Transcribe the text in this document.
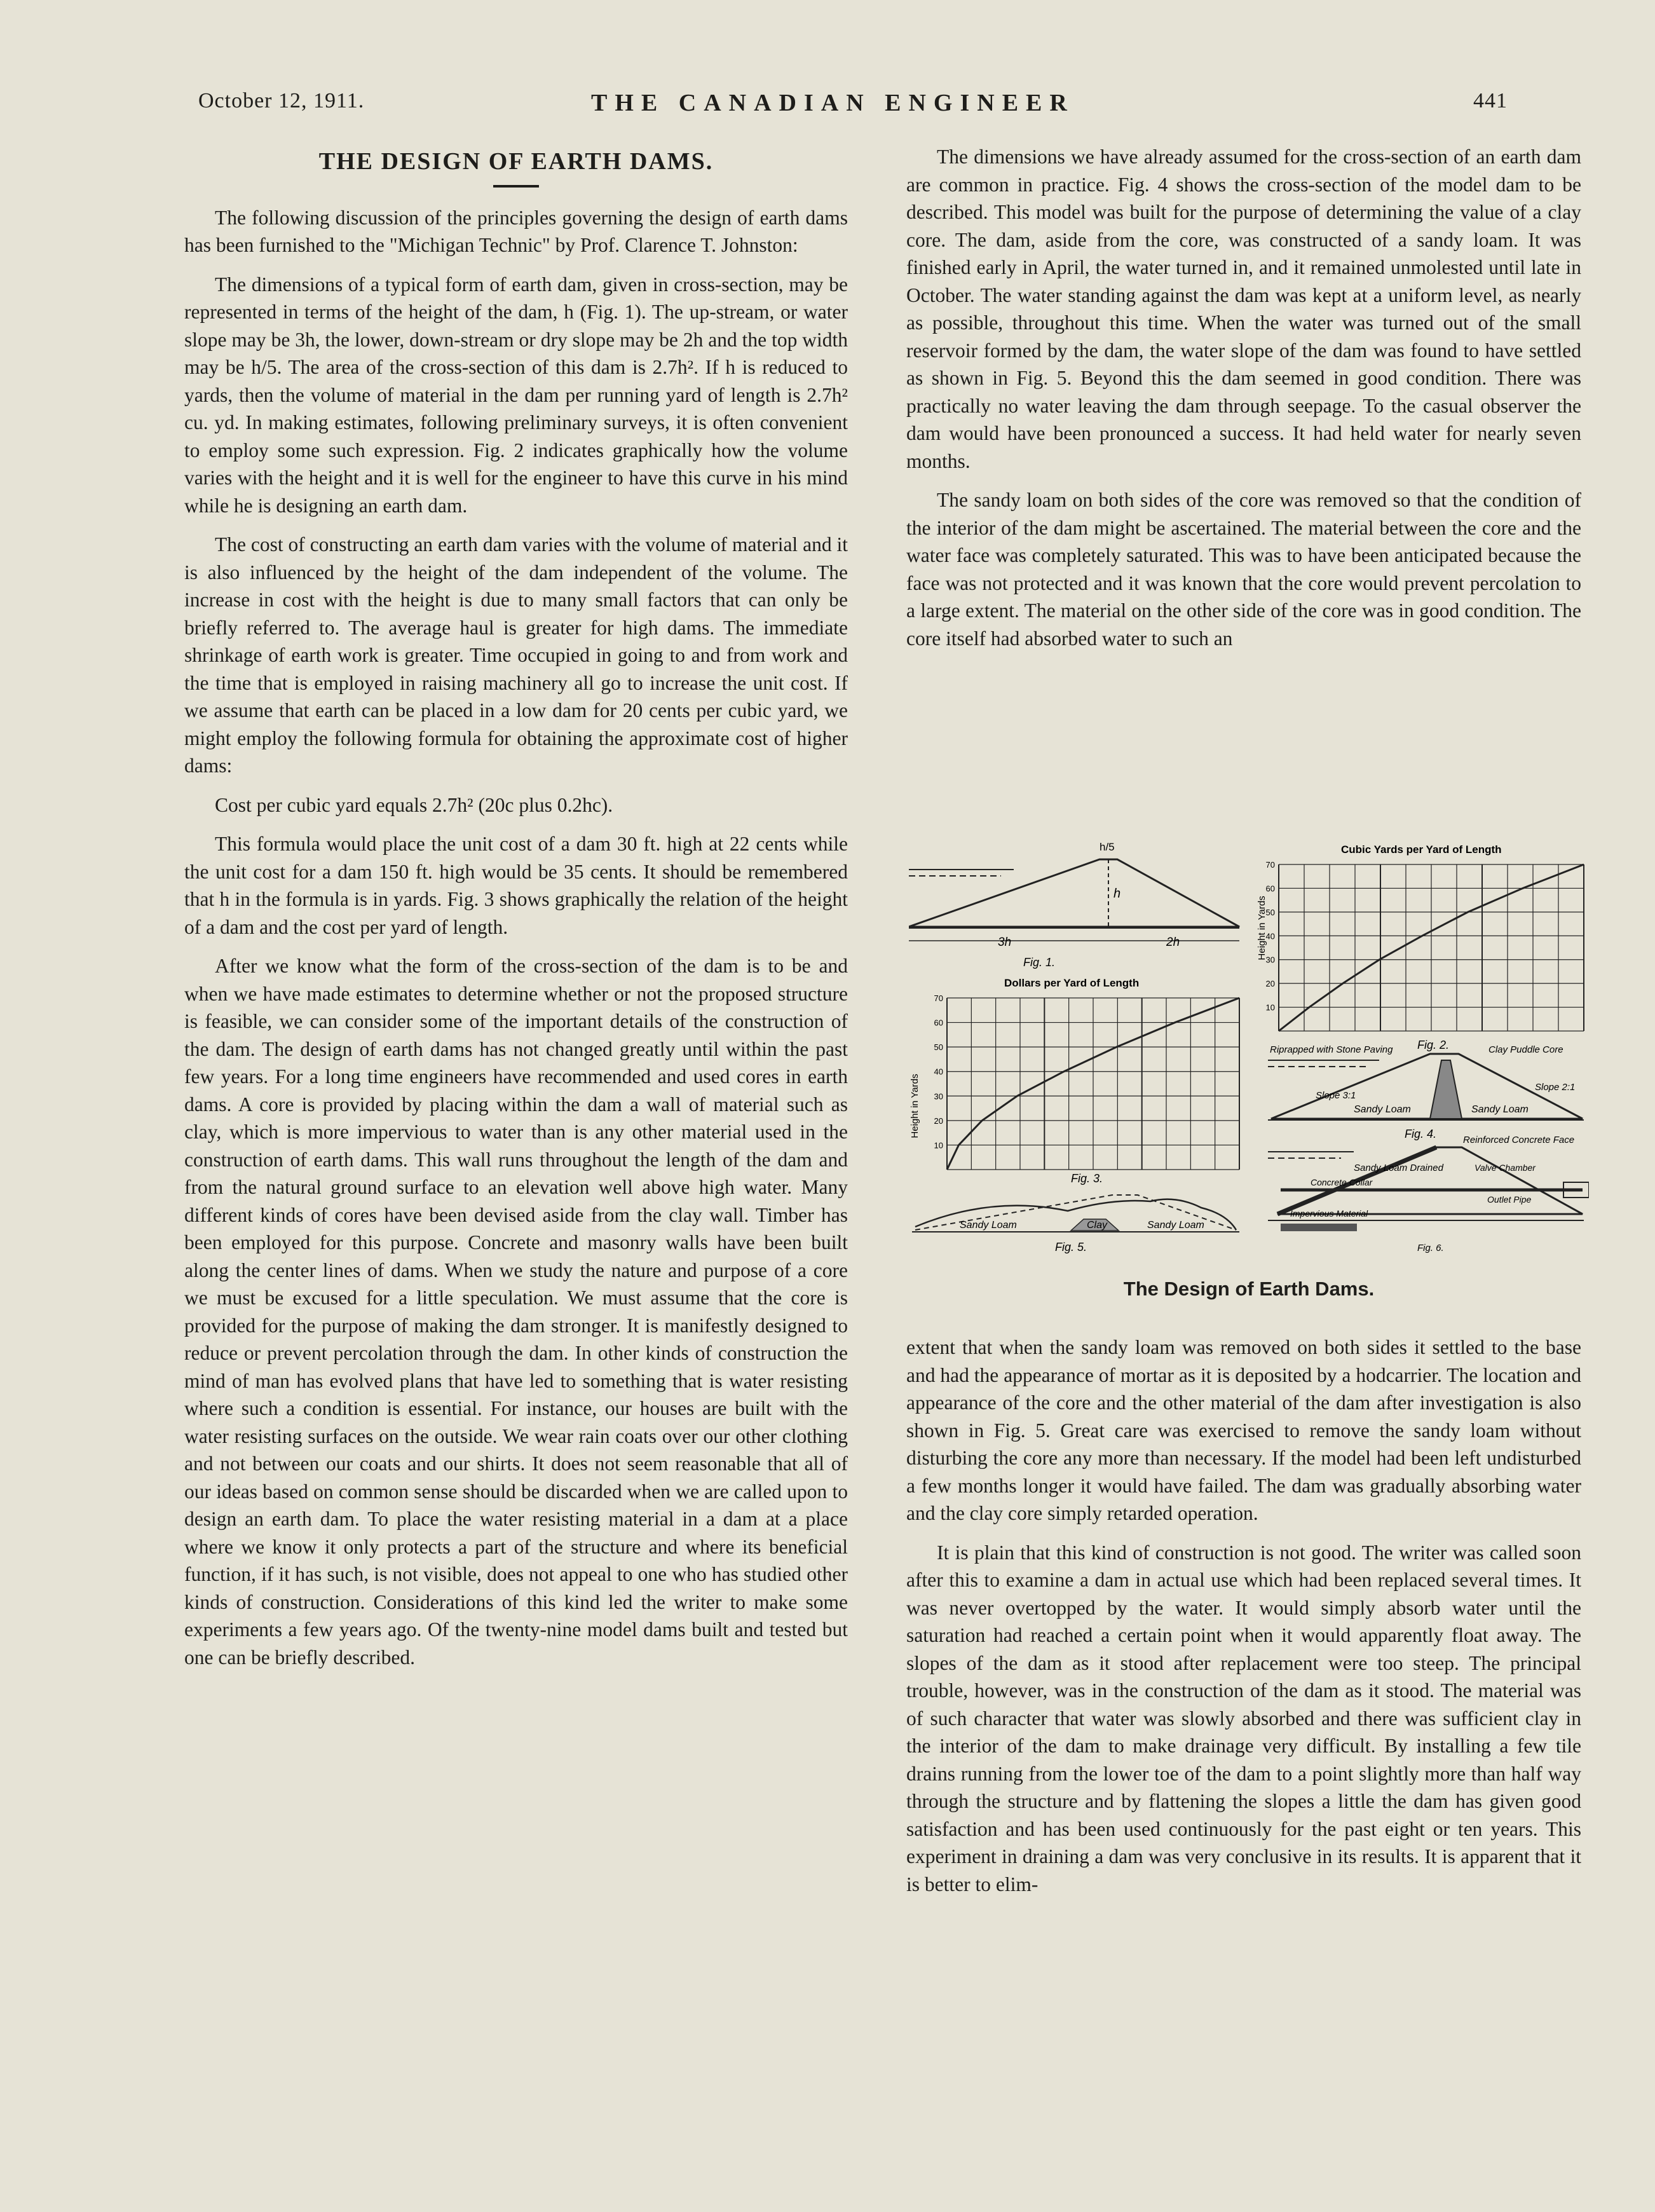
October 12, 1911.	THE CANADIAN ENGINEER	441
THE DESIGN OF EARTH DAMS.

The following discussion of the principles governing the design of earth dams has been furnished to the "Michigan Technic" by Prof. Clarence T. Johnston:

The dimensions of a typical form of earth dam, given in cross-section, may be represented in terms of the height of the dam, h (Fig. 1). The up-stream, or water slope may be 3h, the lower, down-stream or dry slope may be 2h and the top width may be h/5. The area of the cross-section of this dam is 2.7h². If h is reduced to yards, then the volume of material in the dam per running yard of length is 2.7h² cu. yd. In making estimates, following preliminary surveys, it is often convenient to employ some such expression. Fig. 2 indicates graphically how the volume varies with the height and it is well for the engineer to have this curve in his mind while he is designing an earth dam.

The cost of constructing an earth dam varies with the volume of material and it is also influenced by the height of the dam independent of the volume. The increase in cost with the height is due to many small factors that can only be briefly referred to. The average haul is greater for high dams. The immediate shrinkage of earth work is greater. Time occupied in going to and from work and the time that is employed in raising machinery all go to increase the unit cost. If we assume that earth can be placed in a low dam for 20 cents per cubic yard, we might employ the following formula for obtaining the approximate cost of higher dams:

Cost per cubic yard equals 2.7h² (20c plus 0.2hc).

This formula would place the unit cost of a dam 30 ft. high at 22 cents while the unit cost for a dam 150 ft. high would be 35 cents. It should be remembered that h in the formula is in yards. Fig. 3 shows graphically the relation of the height of a dam and the cost per yard of length.

After we know what the form of the cross-section of the dam is to be and when we have made estimates to determine whether or not the proposed structure is feasible, we can consider some of the important details of the construction of the dam. The design of earth dams has not changed greatly until within the past few years. For a long time engineers have recommended and used cores in earth dams. A core is provided by placing within the dam a wall of material such as clay, which is more impervious to water than is any other material used in the construction of earth dams. This wall runs throughout the length of the dam and from the natural ground surface to an elevation well above high water. Many different kinds of cores have been devised aside from the clay wall. Timber has been employed for this purpose. Concrete and masonry walls have been built along the center lines of dams. When we study the nature and purpose of a core we must be excused for a little speculation. We must assume that the core is provided for the purpose of making the dam stronger. It is manifestly designed to reduce or prevent percolation through the dam. In other kinds of construction the mind of man has evolved plans that have led to something that is water resisting where such a condition is essential. For instance, our houses are built with the water resisting surfaces on the outside. We wear rain coats over our other clothing and not between our coats and our shirts. It does not seem reasonable that all of our ideas based on common sense should be discarded when we are called upon to design an earth dam. To place the water resisting material in a dam at a place where we know it only protects a part of the structure and where its beneficial function, if it has such, is not visible, does not appeal to one who has studied other kinds of construction. Considerations of this kind led the writer to make some experiments a few years ago. Of the twenty-nine model dams built and tested but one can be briefly described.

The dimensions we have already assumed for the cross-section of an earth dam are common in practice. Fig. 4 shows the cross-section of the model dam to be described. This model was built for the purpose of determining the value of a clay core. The dam, aside from the core, was constructed of a sandy loam. It was finished early in April, the water turned in, and it remained unmolested until late in October. The water standing against the dam was kept at a uniform level, as nearly as possible, throughout this time. When the water was turned out of the small reservoir formed by the dam, the water slope of the dam was found to have settled as shown in Fig. 5. Beyond this the dam seemed in good condition. There was practically no water leaving the dam through seepage. To the casual observer the dam would have been pronounced a success. It had held water for nearly seven months.

The sandy loam on both sides of the core was removed so that the condition of the interior of the dam might be ascertained. The material between the core and the water face was completely saturated. This was to have been anticipated because the face was not protected and it was known that the core would prevent percolation to a large extent. The material on the other side of the core was in good condition. The core itself had absorbed water to such an

h/5
h
3h	2h
Fig. 1.
Cubic Yards per Yard of Length
Height in Yards
10
20
30
40
50
60
70
Fig. 2.
Dollars per Yard of Length
Height in Yards
10
20
30
40
50
60
70
Fig. 3.
Riprapped with Stone Paving	Clay Puddle Core
Slope 3:1
Slope 2:1
Sandy Loam	Sandy Loam
Fig. 4.
Sandy Loam	Clay	Sandy Loam
Fig. 5.
Reinforced Concrete Face
Sandy Loam Drained
Concrete Collar
Valve Chamber
Outlet Pipe
Impervious Material
Fig. 6.
The Design of Earth Dams.

extent that when the sandy loam was removed on both sides it settled to the base and had the appearance of mortar as it is deposited by a hodcarrier. The location and appearance of the core and the other material of the dam after investigation is also shown in Fig. 5. Great care was exercised to remove the sandy loam without disturbing the core any more than necessary. If the model had been left undisturbed a few months longer it would have failed. The dam was gradually absorbing water and the clay core simply retarded operation.

It is plain that this kind of construction is not good. The writer was called soon after this to examine a dam in actual use which had been replaced several times. It was never overtopped by the water. It would simply absorb water until the saturation had reached a certain point when it would apparently float away. The slopes of the dam as it stood after replacement were too steep. The principal trouble, however, was in the construction of the dam as it stood. The material was of such character that water was slowly absorbed and there was sufficient clay in the interior of the dam to make drainage very difficult. By installing a few tile drains running from the lower toe of the dam to a point slightly more than half way through the structure and by flattening the slopes a little the dam has given good satisfaction and has been used continuously for the past eight or ten years. This experiment in draining a dam was very conclusive in its results. It is apparent that it is better to elim-
